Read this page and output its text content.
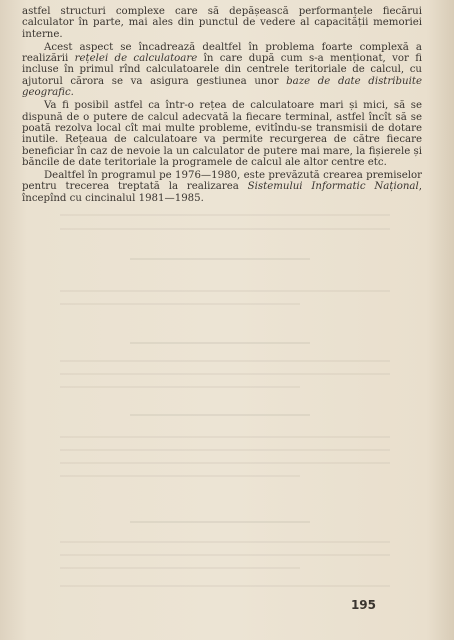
astfel structuri complexe care să depășească performanțele fiecărui calculator în parte, mai ales din punctul de vedere al capacității memoriei interne.

Acest aspect se încadrează dealtfel în problema foarte complexă a realizării rețelei de calculatoare în care după cum s-a menționat, vor fi incluse în primul rînd calculatoarele din centrele teritoriale de calcul, cu ajutorul cărora se va asigura gestiunea unor baze de date distribuite geografic.

Va fi posibil astfel ca într-o rețea de calculatoare mari și mici, să se dispună de o putere de calcul adecvată la fiecare terminal, astfel încît să se poată rezolva local cît mai multe probleme, evitîndu-se transmisii de dotare inutile. Rețeaua de calculatoare va permite recurgerea de către fiecare beneficiar în caz de nevoie la un calculator de putere mai mare, la fișierele și băncile de date teritoriale la programele de calcul ale altor centre etc.

Dealtfel în programul pe 1976—1980, este prevăzută crearea premiselor pentru trecerea treptată la realizarea Sistemului Informatic Național, începînd cu cincinalul 1981—1985.

195
